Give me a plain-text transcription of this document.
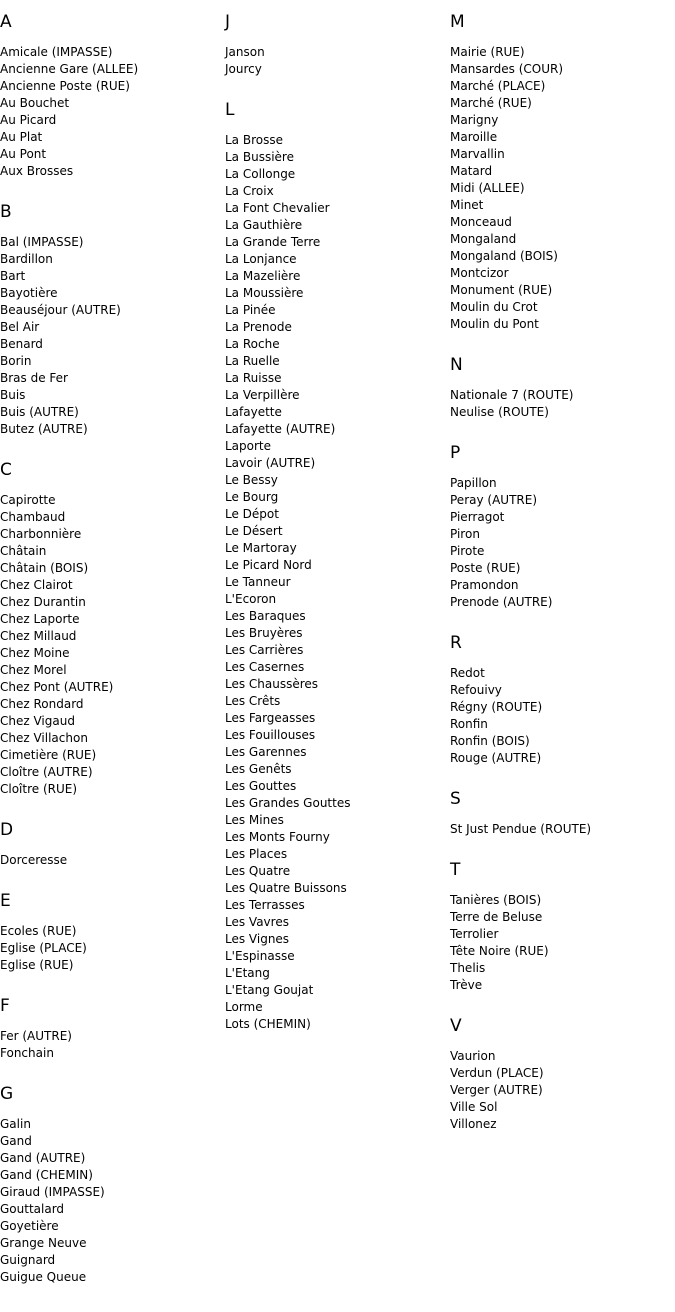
A
Amicale (IMPASSE)
Ancienne Gare (ALLEE)
Ancienne Poste (RUE)
Au Bouchet
Au Picard
Au Plat
Au Pont
Aux Brosses
B
Bal (IMPASSE)
Bardillon
Bart
Bayotière
Beauséjour (AUTRE)
Bel Air
Benard
Borin
Bras de Fer
Buis
Buis (AUTRE)
Butez (AUTRE)
C
Capirotte
Chambaud
Charbonnière
Châtain
Châtain (BOIS)
Chez Clairot
Chez Durantin
Chez Laporte
Chez Millaud
Chez Moine
Chez Morel
Chez Pont (AUTRE)
Chez Rondard
Chez Vigaud
Chez Villachon
Cimetière (RUE)
Cloître (AUTRE)
Cloître (RUE)
D
Dorceresse
E
Ecoles (RUE)
Eglise (PLACE)
Eglise (RUE)
F
Fer (AUTRE)
Fonchain
G
Galin
Gand
Gand (AUTRE)
Gand (CHEMIN)
Giraud (IMPASSE)
Gouttalard
Goyetière
Grange Neuve
Guignard
Guigue Queue
J
Janson
Jourcy
L
La Brosse
La Bussière
La Collonge
La Croix
La Font Chevalier
La Gauthière
La Grande Terre
La Lonjance
La Mazelière
La Moussière
La Pinée
La Prenode
La Roche
La Ruelle
La Ruisse
La Verpillère
Lafayette
Lafayette (AUTRE)
Laporte
Lavoir (AUTRE)
Le Bessy
Le Bourg
Le Dépot
Le Désert
Le Martoray
Le Picard Nord
Le Tanneur
L'Ecoron
Les Baraques
Les Bruyères
Les Carrières
Les Casernes
Les Chaussères
Les Crêts
Les Fargeasses
Les Fouillouses
Les Garennes
Les Genêts
Les Gouttes
Les Grandes Gouttes
Les Mines
Les Monts Fourny
Les Places
Les Quatre
Les Quatre Buissons
Les Terrasses
Les Vavres
Les Vignes
L'Espinasse
L'Etang
L'Etang Goujat
Lorme
Lots (CHEMIN)
M
Mairie (RUE)
Mansardes (COUR)
Marché (PLACE)
Marché (RUE)
Marigny
Maroille
Marvallin
Matard
Midi (ALLEE)
Minet
Monceaud
Mongaland
Mongaland (BOIS)
Montcizor
Monument (RUE)
Moulin du Crot
Moulin du Pont
N
Nationale 7 (ROUTE)
Neulise (ROUTE)
P
Papillon
Peray (AUTRE)
Pierragot
Piron
Pirote
Poste (RUE)
Pramondon
Prenode (AUTRE)
R
Redot
Refouivy
Régny (ROUTE)
Ronfin
Ronfin (BOIS)
Rouge (AUTRE)
S
St Just Pendue (ROUTE)
T
Tanières (BOIS)
Terre de Beluse
Terrolier
Tête Noire (RUE)
Thelis
Trève
V
Vaurion
Verdun (PLACE)
Verger (AUTRE)
Ville Sol
Villonez
